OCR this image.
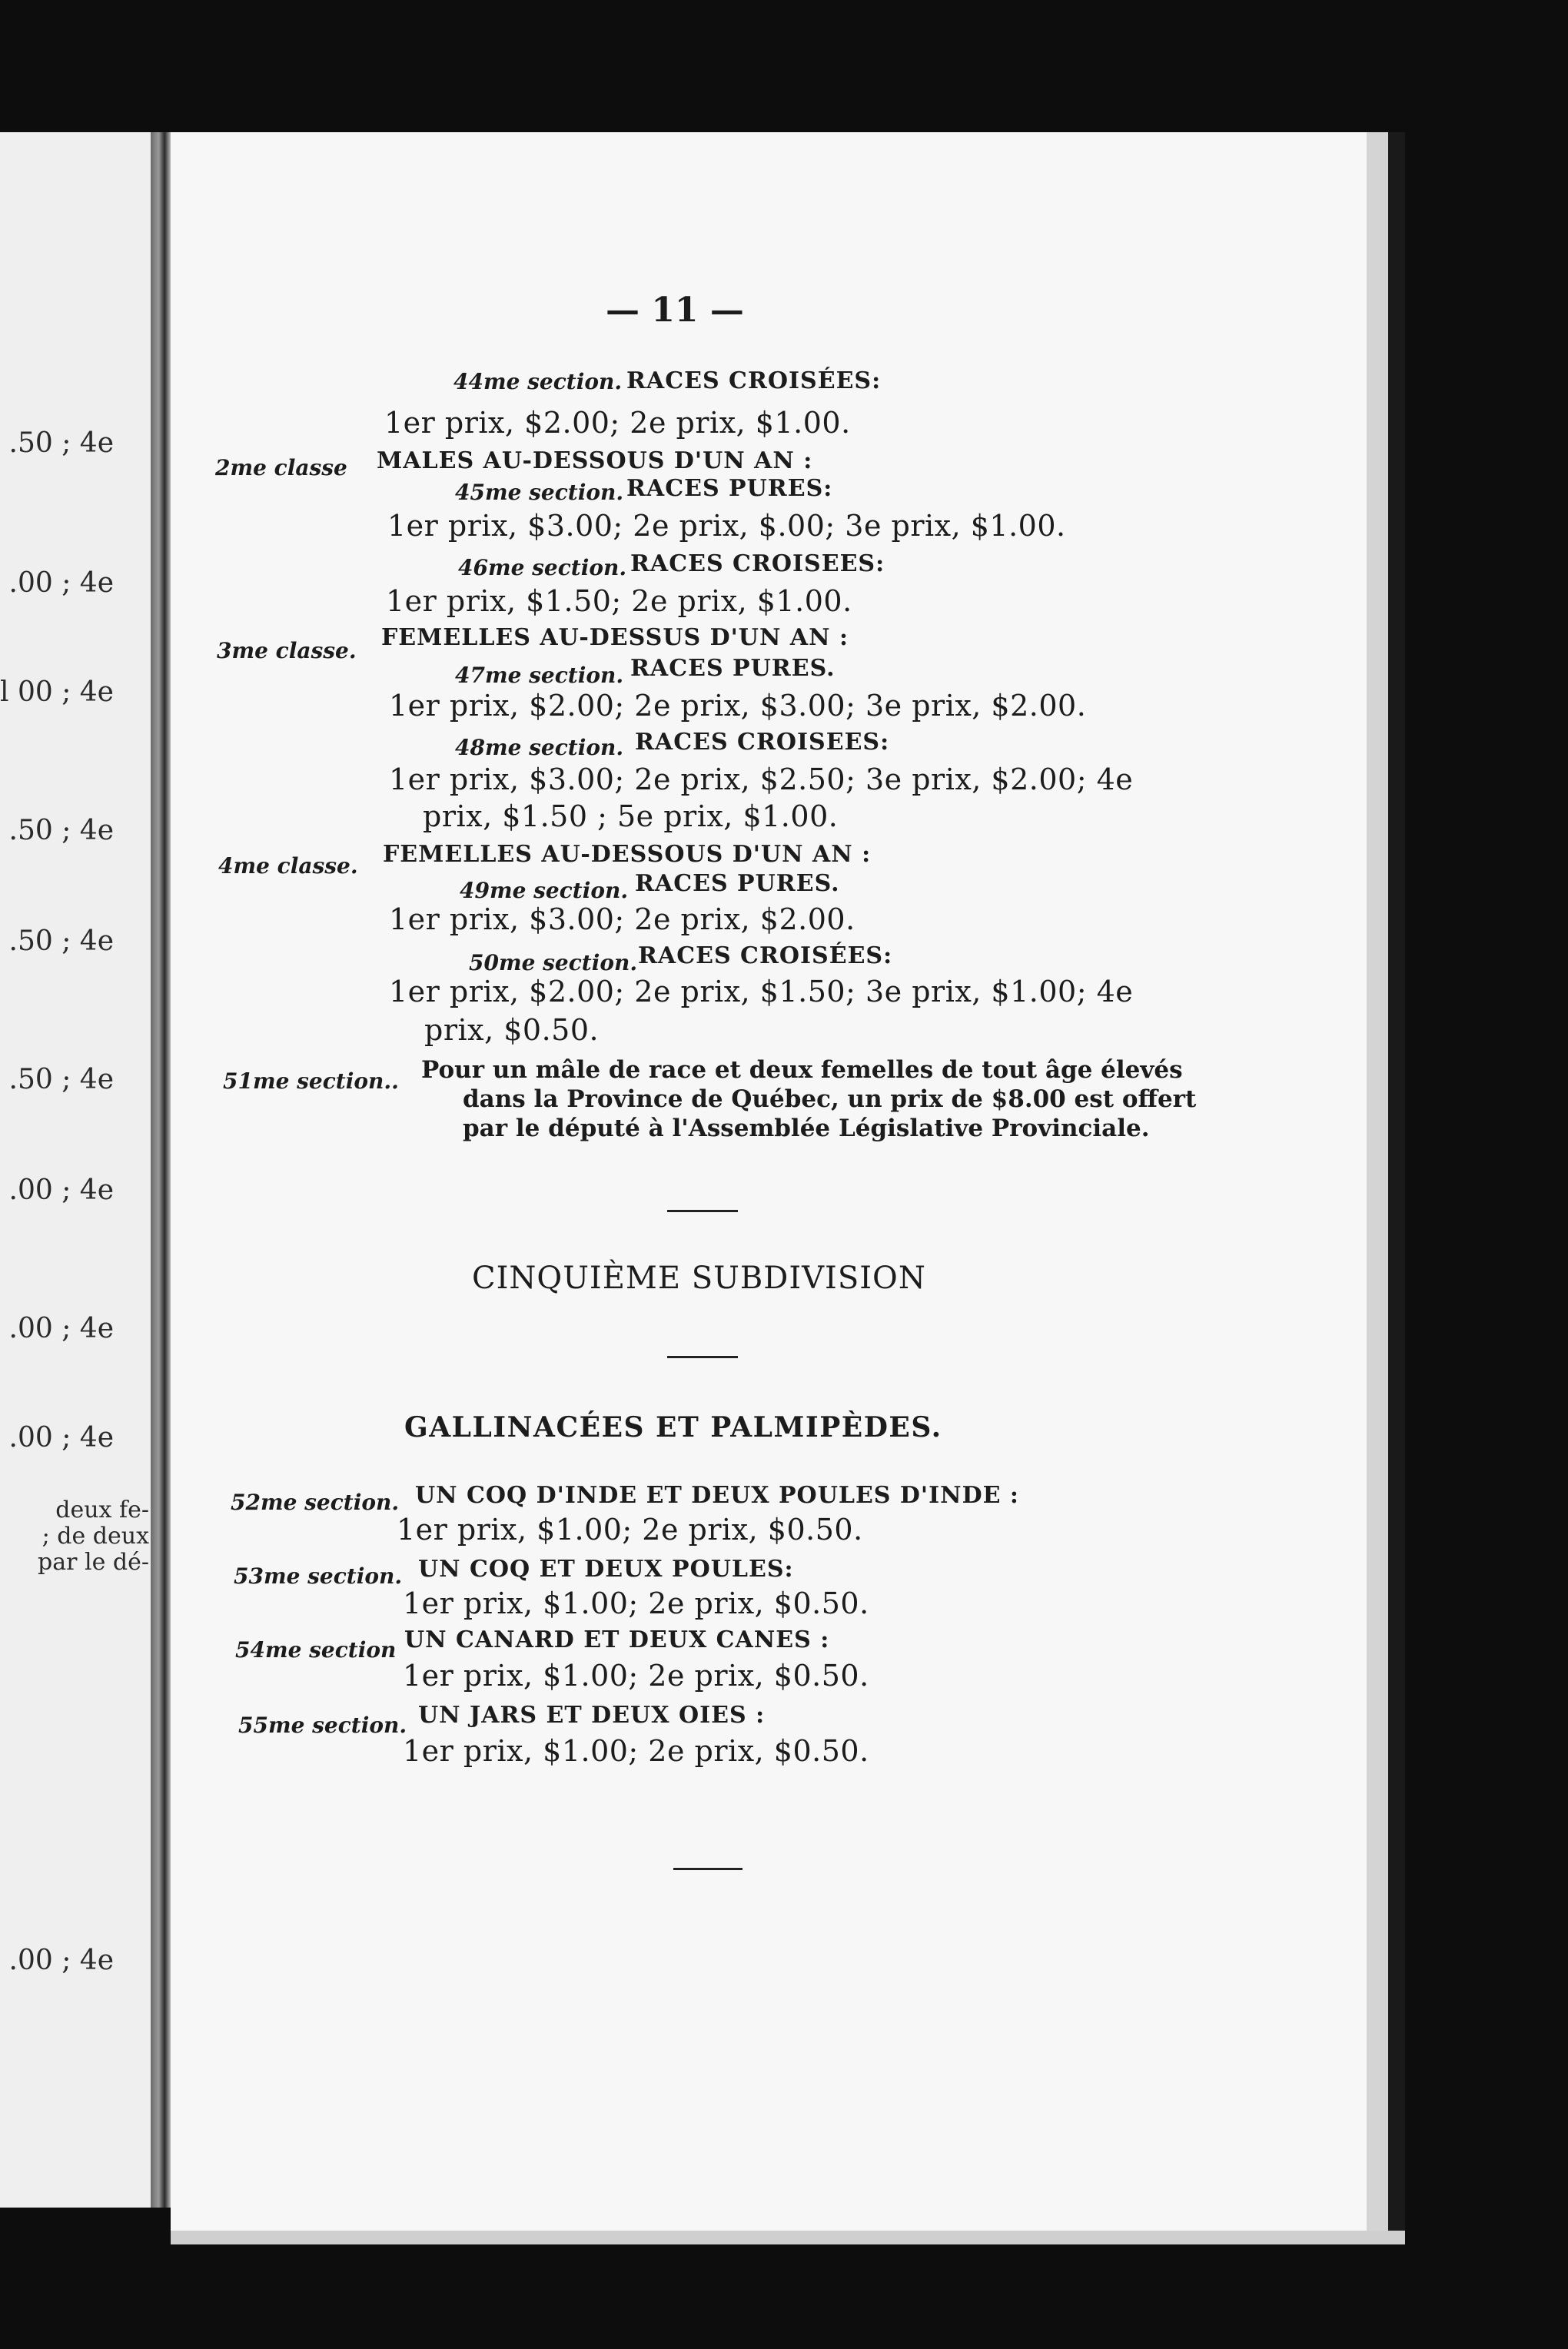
.50 ; 4e
.00 ; 4e
l 00 ; 4e
.50 ; 4e
.50 ; 4e
.50 ; 4e
.00 ; 4e
.00 ; 4e
.00 ; 4e
deux fe-
; de deux
par le dé-
.00 ; 4e
— 11 —
44me section. RACES CROISÉES:
1er prix, $2.00; 2e prix, $1.00.
2me classe MALES AU-DESSOUS D'UN AN :
45me section. RACES PURES:
1er prix, $3.00; 2e prix, $.00; 3e prix, $1.00.
46me section. RACES CROISEES:
1er prix, $1.50; 2e prix, $1.00.
3me classe. FEMELLES AU-DESSUS D'UN AN :
47me section. RACES PURES.
1er prix, $2.00; 2e prix, $3.00; 3e prix, $2.00.
48me section. RACES CROISEES:
1er prix, $3.00; 2e prix, $2.50; 3e prix, $2.00; 4e
prix, $1.50 ; 5e prix, $1.00.
4me classe. FEMELLES AU-DESSOUS D'UN AN :
49me section. RACES PURES.
1er prix, $3.00; 2e prix, $2.00.
50me section. RACES CROISÉES:
1er prix, $2.00; 2e prix, $1.50; 3e prix, $1.00; 4e
prix, $0.50.
51me section.. Pour un mâle de race et deux femelles de tout âge élevés
dans la Province de Québec, un prix de $8.00 est offert
par le député à l'Assemblée Législative Provinciale.
CINQUIÈME SUBDIVISION
GALLINACÉES ET PALMIPÈDES.
52me section. UN COQ D'INDE ET DEUX POULES D'INDE :
1er prix, $1.00; 2e prix, $0.50.
53me section. UN COQ ET DEUX POULES:
1er prix, $1.00; 2e prix, $0.50.
54me section UN CANARD ET DEUX CANES :
1er prix, $1.00; 2e prix, $0.50.
55me section. UN JARS ET DEUX OIES :
1er prix, $1.00; 2e prix, $0.50.
